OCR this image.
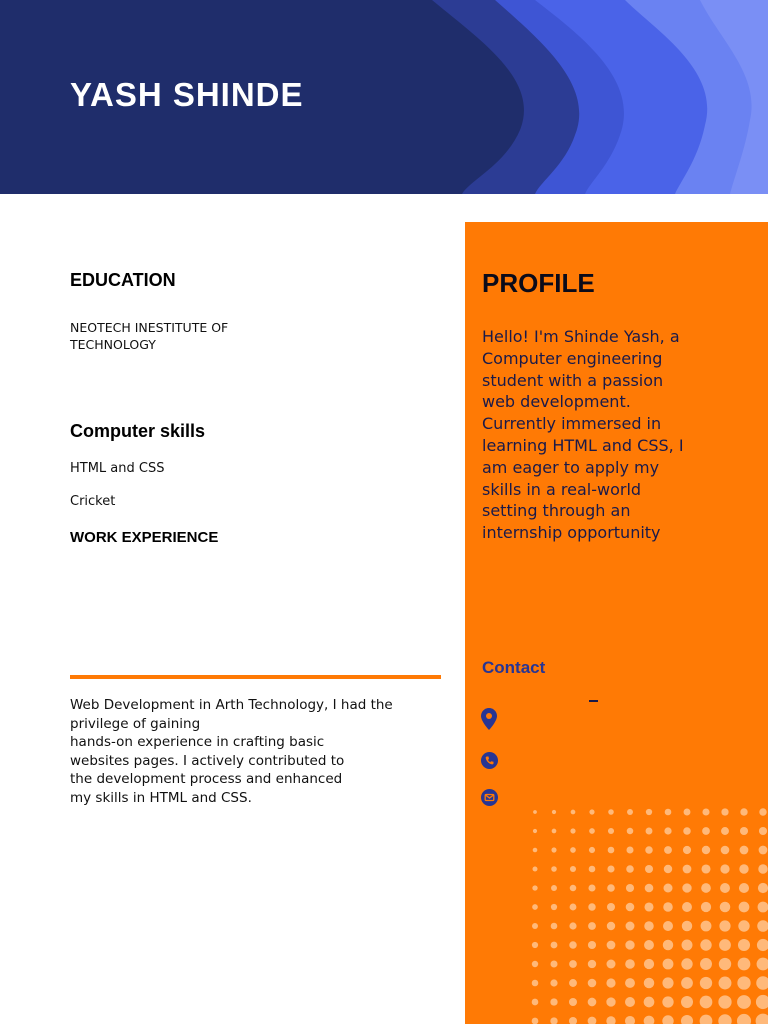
YASH SHINDE
EDUCATION

NEOTECH INESTITUTE OF
TECHNOLOGY

Computer skills

HTML and CSS

Cricket

WORK EXPERIENCE

Web Development in Arth Technology, I had the
privilege of gaining
hands-on experience in crafting basic
websites pages. I actively contributed to
the development process and enhanced
my skills in HTML and CSS.

PROFILE

Hello! I'm Shinde Yash, a
Computer engineering
student with a passion
web development.
Currently immersed in
learning HTML and CSS, I
am eager to apply my
skills in a real-world
setting through an
internship opportunity

Contact
